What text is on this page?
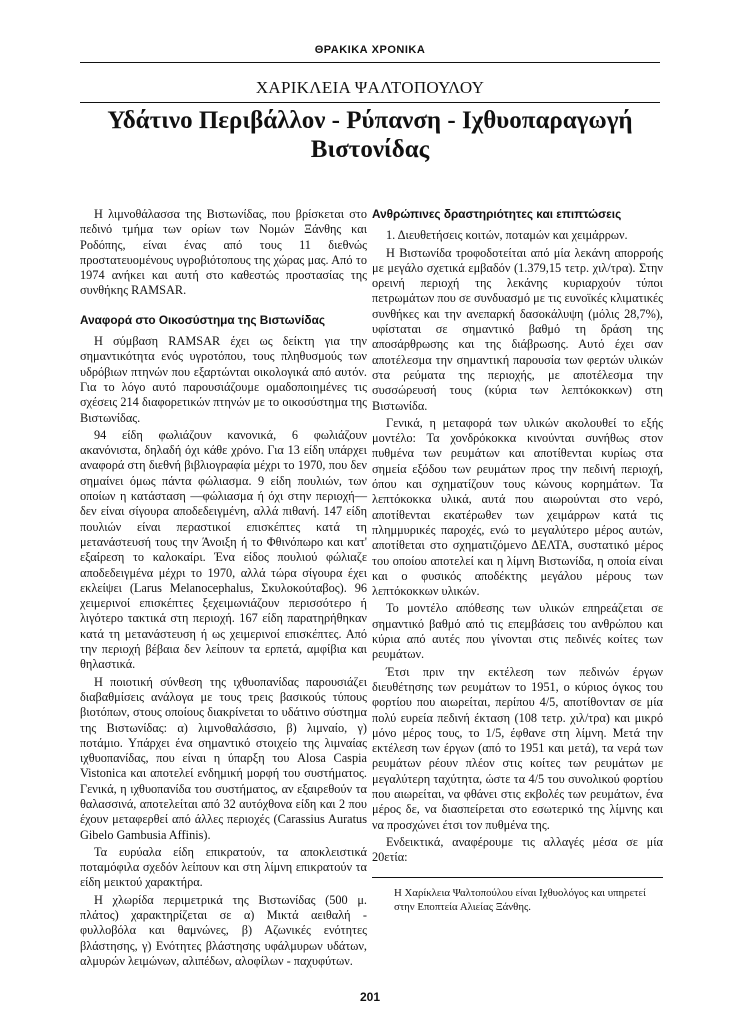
ΘΡΑΚΙΚΑ ΧΡΟΝΙΚΑ
ΧΑΡΙΚΛΕΙΑ ΨΑΛΤΟΠΟΥΛΟΥ
Υδάτινο Περιβάλλον - Ρύπανση - Ιχθυοπαραγωγή Βιστονίδας

Η λιμνοθάλασσα της Βιστωνίδας, που βρίσκεται στο πεδινό τμήμα των ορίων των Νομών Ξάνθης και Ροδόπης, είναι ένας από τους 11 διεθνώς προστατευομένους υγροβιότοπους της χώρας μας. Από το 1974 ανήκει και αυτή στο καθεστώς προστασίας της συνθήκης RAMSAR.

Αναφορά στο Οικοσύστημα της Βιστωνίδας

Η σύμβαση RAMSAR έχει ως δείκτη για την σημαντικότητα ενός υγροτόπου, τους πληθυσμούς των υδρόβιων πτηνών που εξαρτώνται οικολογικά από αυτόν. Για το λόγο αυτό παρουσιάζουμε ομαδοποιημένες τις σχέσεις 214 διαφορετικών πτηνών με το οικοσύστημα της Βιστωνίδας.

94 είδη φωλιάζουν κανονικά, 6 φωλιάζουν ακανόνιστα, δηλαδή όχι κάθε χρόνο. Για 13 είδη υπάρχει αναφορά στη διεθνή βιβλιογραφία μέχρι το 1970, που δεν σημαίνει όμως πάντα φώλιασμα. 9 είδη πουλιών, των οποίων η κατάσταση —φώλιασμα ή όχι στην περιοχή— δεν είναι σίγουρα αποδεδειγμένη, αλλά πιθανή. 147 είδη πουλιών είναι περαστικοί επισκέπτες κατά τη μετανάστευσή τους την Άνοιξη ή το Φθινόπωρο και κατ' εξαίρεση το καλοκαίρι. Ένα είδος πουλιού φώλιαζε αποδεδειγμένα μέχρι το 1970, αλλά τώρα σίγουρα έχει εκλείψει (Larus Melanocephalus, Σκυλοκούταβος). 96 χειμερινοί επισκέπτες ξεχειμωνιάζουν περισσότερο ή λιγότερο τακτικά στη περιοχή. 167 είδη παρατηρήθηκαν κατά τη μετανάστευση ή ως χειμερινοί επισκέπτες. Από την περιοχή βέβαια δεν λείπουν τα ερπετά, αμφίβια και θηλαστικά.

Η ποιοτική σύνθεση της ιχθυοπανίδας παρουσιάζει διαβαθμίσεις ανάλογα με τους τρεις βασικούς τύπους βιοτόπων, στους οποίους διακρίνεται το υδάτινο σύστημα της Βιστωνίδας: α) λιμνοθαλάσσιο, β) λιμναίο, γ) ποτάμιο. Υπάρχει ένα σημαντικό στοιχείο της λιμναίας ιχθυοπανίδας, που είναι η ύπαρξη του Alosa Caspia Vistonica και αποτελεί ενδημική μορφή του συστήματος. Γενικά, η ιχθυοπανίδα του συστήματος, αν εξαιρεθούν τα θαλασσινά, αποτελείται από 32 αυτόχθονα είδη και 2 που έχουν μεταφερθεί από άλλες περιοχές (Carassius Auratus Gibelo Gambusia Affinis).

Τα ευρύαλα είδη επικρατούν, τα αποκλειστικά ποταμόφιλα σχεδόν λείπουν και στη λίμνη επικρατούν τα είδη μεικτού χαρακτήρα.

Η χλωρίδα περιμετρικά της Βιστωνίδας (500 μ. πλάτος) χαρακτηρίζεται σε α) Μικτά αειθαλή - φυλλοβόλα και θαμνώνες, β) Αζωνικές ενότητες βλάστησης, γ) Ενότητες βλάστησης υφάλμυρων υδάτων, αλμυρών λειμώνων, αλιπέδων, αλοφίλων - παχυφύτων.

Ανθρώπινες δραστηριότητες και επιπτώσεις

1. Διευθετήσεις κοιτών, ποταμών και χειμάρρων.

Η Βιστωνίδα τροφοδοτείται από μία λεκάνη απορροής με μεγάλο σχετικά εμβαδόν (1.379,15 τετρ. χιλ/τρα). Στην ορεινή περιοχή της λεκάνης κυριαρχούν τύποι πετρωμάτων που σε συνδυασμό με τις ευνοϊκές κλιματικές συνθήκες και την ανεπαρκή δασοκάλυψη (μόλις 28,7%), υφίσταται σε σημαντικό βαθμό τη δράση της αποσάρθρωσης και της διάβρωσης. Αυτό έχει σαν αποτέλεσμα την σημαντική παρουσία των φερτών υλικών στα ρεύματα της περιοχής, με αποτέλεσμα την συσσώρευσή τους (κύρια των λεπτόκοκκων) στη Βιστωνίδα.

Γενικά, η μεταφορά των υλικών ακολουθεί το εξής μοντέλο: Τα χονδρόκοκκα κινούνται συνήθως στον πυθμένα των ρευμάτων και αποτίθενται κυρίως στα σημεία εξόδου των ρευμάτων προς την πεδινή περιοχή, όπου και σχηματίζουν τους κώνους κορημάτων. Τα λεπτόκοκκα υλικά, αυτά που αιωρούνται στο νερό, αποτίθενται εκατέρωθεν των χειμάρρων κατά τις πλημμυρικές παροχές, ενώ το μεγαλύτερο μέρος αυτών, αποτίθεται στο σχηματιζόμενο ΔΕΛΤΑ, συστατικό μέρος του οποίου αποτελεί και η λίμνη Βιστωνίδα, η οποία είναι και ο φυσικός αποδέκτης μεγάλου μέρους των λεπτόκοκκων υλικών.

Το μοντέλο απόθεσης των υλικών επηρεάζεται σε σημαντικό βαθμό από τις επεμβάσεις του ανθρώπου και κύρια από αυτές που γίνονται στις πεδινές κοίτες των ρευμάτων.

Έτσι πριν την εκτέλεση των πεδινών έργων διευθέτησης των ρευμάτων το 1951, ο κύριος όγκος του φορτίου που αιωρείται, περίπου 4/5, αποτίθονταν σε μία πολύ ευρεία πεδινή έκταση (108 τετρ. χιλ/τρα) και μικρό μόνο μέρος τους, το 1/5, έφθανε στη λίμνη. Μετά την εκτέλεση των έργων (από το 1951 και μετά), τα νερά των ρευμάτων ρέουν πλέον στις κοίτες των ρευμάτων με μεγαλύτερη ταχύτητα, ώστε τα 4/5 του συνολικού φορτίου που αιωρείται, να φθάνει στις εκβολές των ρευμάτων, ένα μέρος δε, να διασπείρεται στο εσωτερικό της λίμνης και να προσχώνει έτσι τον πυθμένα της.

Ενδεικτικά, αναφέρουμε τις αλλαγές μέσα σε μία 20ετία:

Η Χαρίκλεια Ψαλτοπούλου είναι Ιχθυολόγος και υπηρετεί στην Εποπτεία Αλιείας Ξάνθης.

201
